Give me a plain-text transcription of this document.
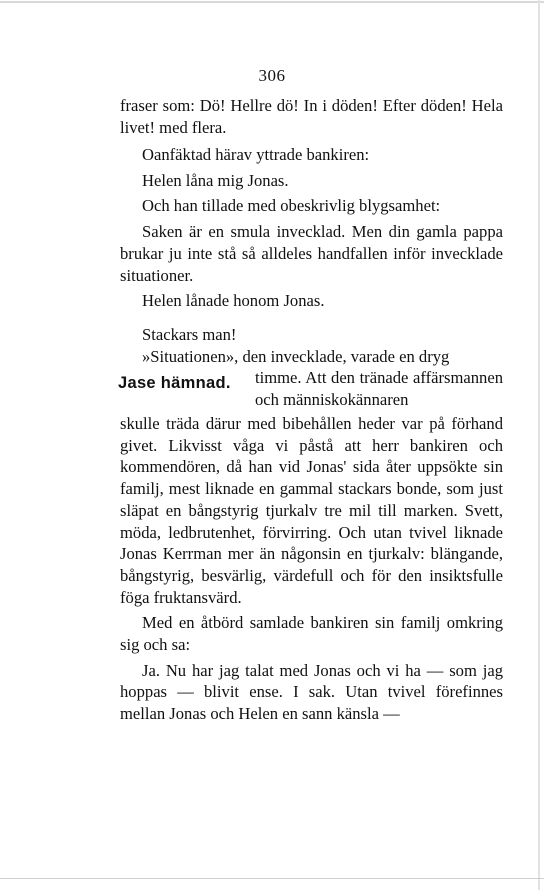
306

fraser som: Dö! Hellre dö! In i döden! Efter döden! Hela livet! med flera.

Oanfäktad härav yttrade bankiren:

Helen låna mig Jonas.

Och han tillade med obeskrivlig blygsamhet:

Saken är en smula invecklad. Men din gamla pappa brukar ju inte stå så alldeles handfallen inför invecklade situationer.

Helen lånade honom Jonas.

Stackars man!

»Situationen», den invecklade, varade en dryg

Jase hämnad. timme. Att den tränade affärsmannen och människokännaren

skulle träda därur med bibehållen heder var på förhand givet. Likvisst våga vi påstå att herr bankiren och kommendören, då han vid Jonas' sida åter uppsökte sin familj, mest liknade en gammal stackars bonde, som just släpat en bångstyrig tjurkalv tre mil till marken. Svett, möda, ledbrutenhet, förvirring. Och utan tvivel liknade Jonas Kerrman mer än någonsin en tjurkalv: blängande, bångstyrig, besvärlig, värdefull och för den insiktsfulle föga fruktansvärd.

Med en åtbörd samlade bankiren sin familj omkring sig och sa:

Ja. Nu har jag talat med Jonas och vi ha — som jag hoppas — blivit ense. I sak. Utan tvivel förefinnes mellan Jonas och Helen en sann känsla —
